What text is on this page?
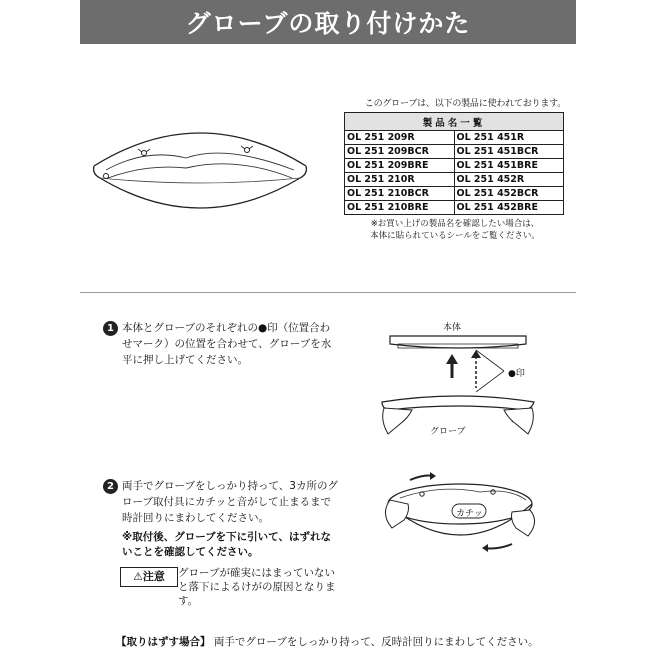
グローブの取り付けかた
このグローブは、以下の製品に使われております。
製品名一覧	
OL 251 209R	OL 251 451R
OL 251 209BCR	OL 251 451BCR
OL 251 209BRE	OL 251 451BRE
OL 251 210R	OL 251 452R
OL 251 210BCR	OL 251 452BCR
OL 251 210BRE	OL 251 452BRE
※お買い上げの製品名を確認したい場合は、
本体に貼られているシールをご覧ください。
1 本体とグローブのそれぞれの●印（位置合わ
せマーク）の位置を合わせて、グローブを水
平に押し上げてください。
本体
●印
グローブ
2 両手でグローブをしっかり持って、3カ所のグ
ローブ取付具にカチッと音がして止まるまで
時計回りにまわしてください。
※取付後、グローブを下に引いて、はずれな
いことを確認してください。
カチッ
⚠注意	グローブが確実にはまっていない
と落下によるけがの原因となりま
す。
【取りはずす場合】 両手でグローブをしっかり持って、反時計回りにまわしてください。
